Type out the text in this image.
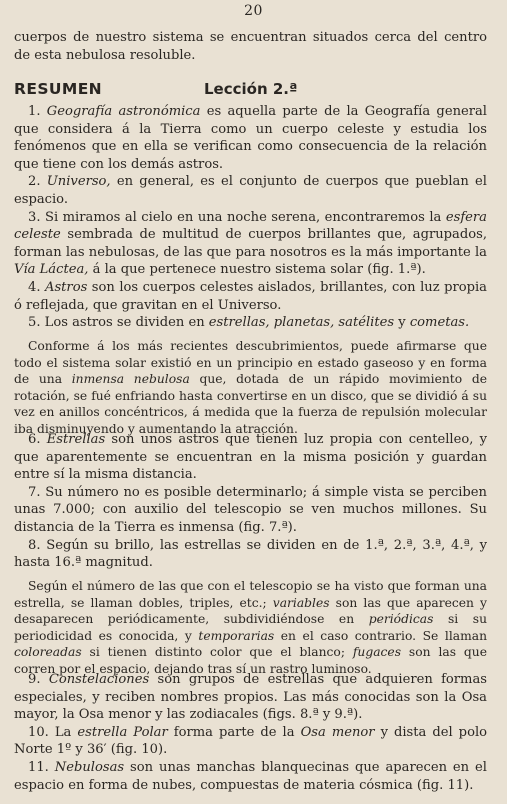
20

cuerpos de nuestro sistema se encuentran situados cerca del centro de esta nebulosa resoluble.

RESUMEN	Lección 2.ª

1. Geografía astronómica es aquella parte de la Geografía general que considera á la Tierra como un cuerpo celeste y estudia los fenómenos que en ella se verifican como consecuencia de la relación que tiene con los demás astros.

2. Universo, en general, es el conjunto de cuerpos que pueblan el espacio.

3. Si miramos al cielo en una noche serena, encontraremos la esfera celeste sembrada de multitud de cuerpos brillantes que, agrupados, forman las nebulosas, de las que para nosotros es la más importante la Vía Láctea, á la que pertenece nuestro sistema solar (fig. 1.ª).

4. Astros son los cuerpos celestes aislados, brillantes, con luz propia ó reflejada, que gravitan en el Universo.

5. Los astros se dividen en estrellas, planetas, satélites y cometas.

Conforme á los más recientes descubrimientos, puede afirmarse que todo el sistema solar existió en un principio en estado gaseoso y en forma de una inmensa nebulosa que, dotada de un rápido movimiento de rotación, se fué enfriando hasta convertirse en un disco, que se dividió á su vez en anillos concéntricos, á medida que la fuerza de repulsión molecular iba disminuyendo y aumentando la atracción.

6. Estrellas son unos astros que tienen luz propia con centelleo, y que aparentemente se encuentran en la misma posición y guardan entre sí la misma distancia.

7. Su número no es posible determinarlo; á simple vista se perciben unas 7.000; con auxilio del telescopio se ven muchos millones. Su distancia de la Tierra es inmensa (fig. 7.ª).

8. Según su brillo, las estrellas se dividen en de 1.ª, 2.ª, 3.ª, 4.ª, y hasta 16.ª magnitud.

Según el número de las que con el telescopio se ha visto que forman una estrella, se llaman dobles, triples, etc.; variables son las que aparecen y desaparecen periódicamente, subdividiéndose en periódicas si su periodicidad es conocida, y temporarias en el caso contrario. Se llaman coloreadas si tienen distinto color que el blanco; fugaces son las que corren por el espacio, dejando tras sí un rastro luminoso.

9. Constelaciones son grupos de estrellas que adquieren formas especiales, y reciben nombres propios. Las más conocidas son la Osa mayor, la Osa menor y las zodiacales (figs. 8.ª y 9.ª).

10. La estrella Polar forma parte de la Osa menor y dista del polo Norte 1º y 36′ (fig. 10).

11. Nebulosas son unas manchas blanquecinas que aparecen en el espacio en forma de nubes, compuestas de materia cósmica (fig. 11).
